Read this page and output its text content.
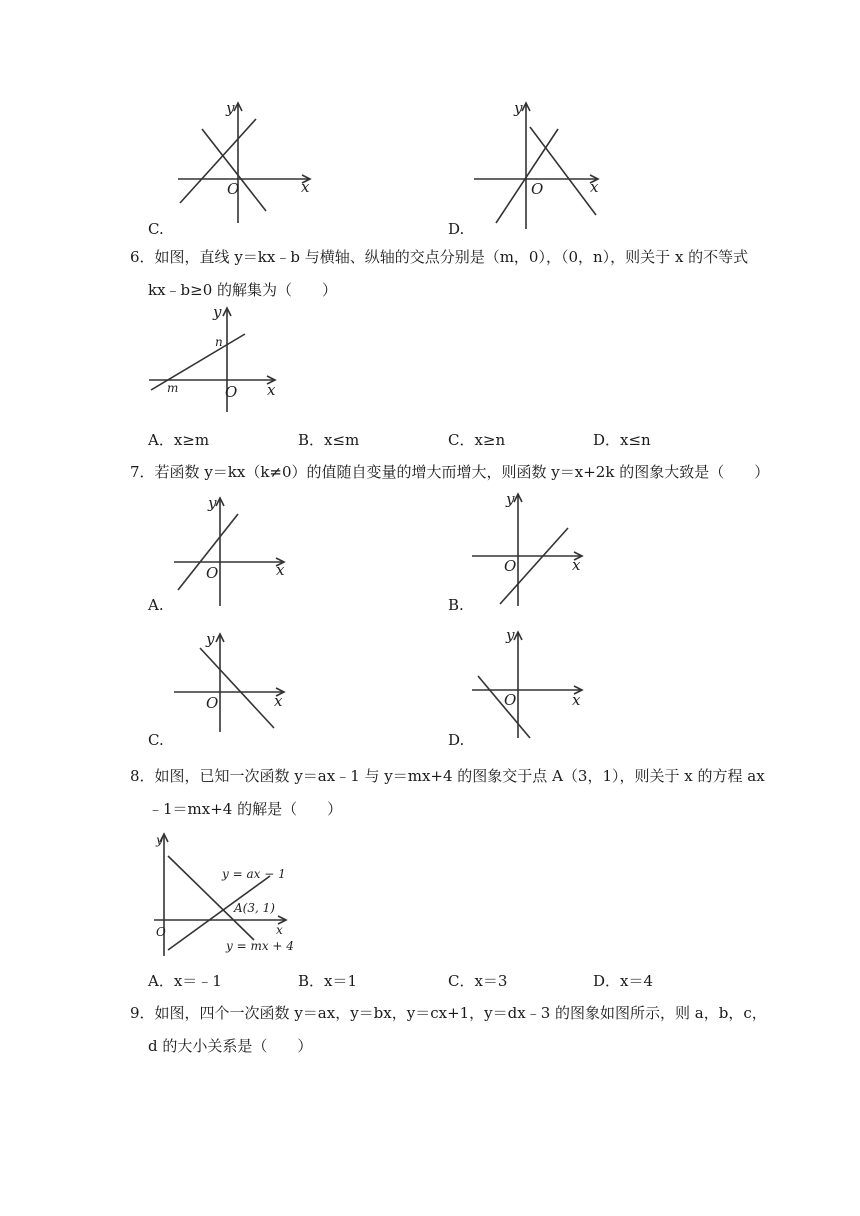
y
x
O
C.
y
x
O
D.
6．如图，直线 y＝kx﹣b 与横轴、纵轴的交点分别是（m，0），（0，n），则关于 x 的不等式
kx﹣b≥0 的解集为（　　）
y
x
O
m
n
A．x≥m	B．x≤m	C．x≥n	D．x≤n
7．若函数 y＝kx（k≠0）的值随自变量的增大而增大，则函数 y＝x+2k 的图象大致是（　　）
y
x
O
A.
y
x
O
B.
y
x
O
C.
y
x
O
D.
8．如图，已知一次函数 y＝ax﹣1 与 y＝mx+4 的图象交于点 A（3，1），则关于 x 的方程 ax
﹣1＝mx+4 的解是（　　）
y
x
O
y = ax − 1
A(3, 1)
y = mx + 4
A．x＝﹣1	B．x＝1	C．x＝3	D．x＝4
9．如图，四个一次函数 y＝ax，y＝bx，y＝cx+1，y＝dx﹣3 的图象如图所示，则 a，b，c，
d 的大小关系是（　　）
